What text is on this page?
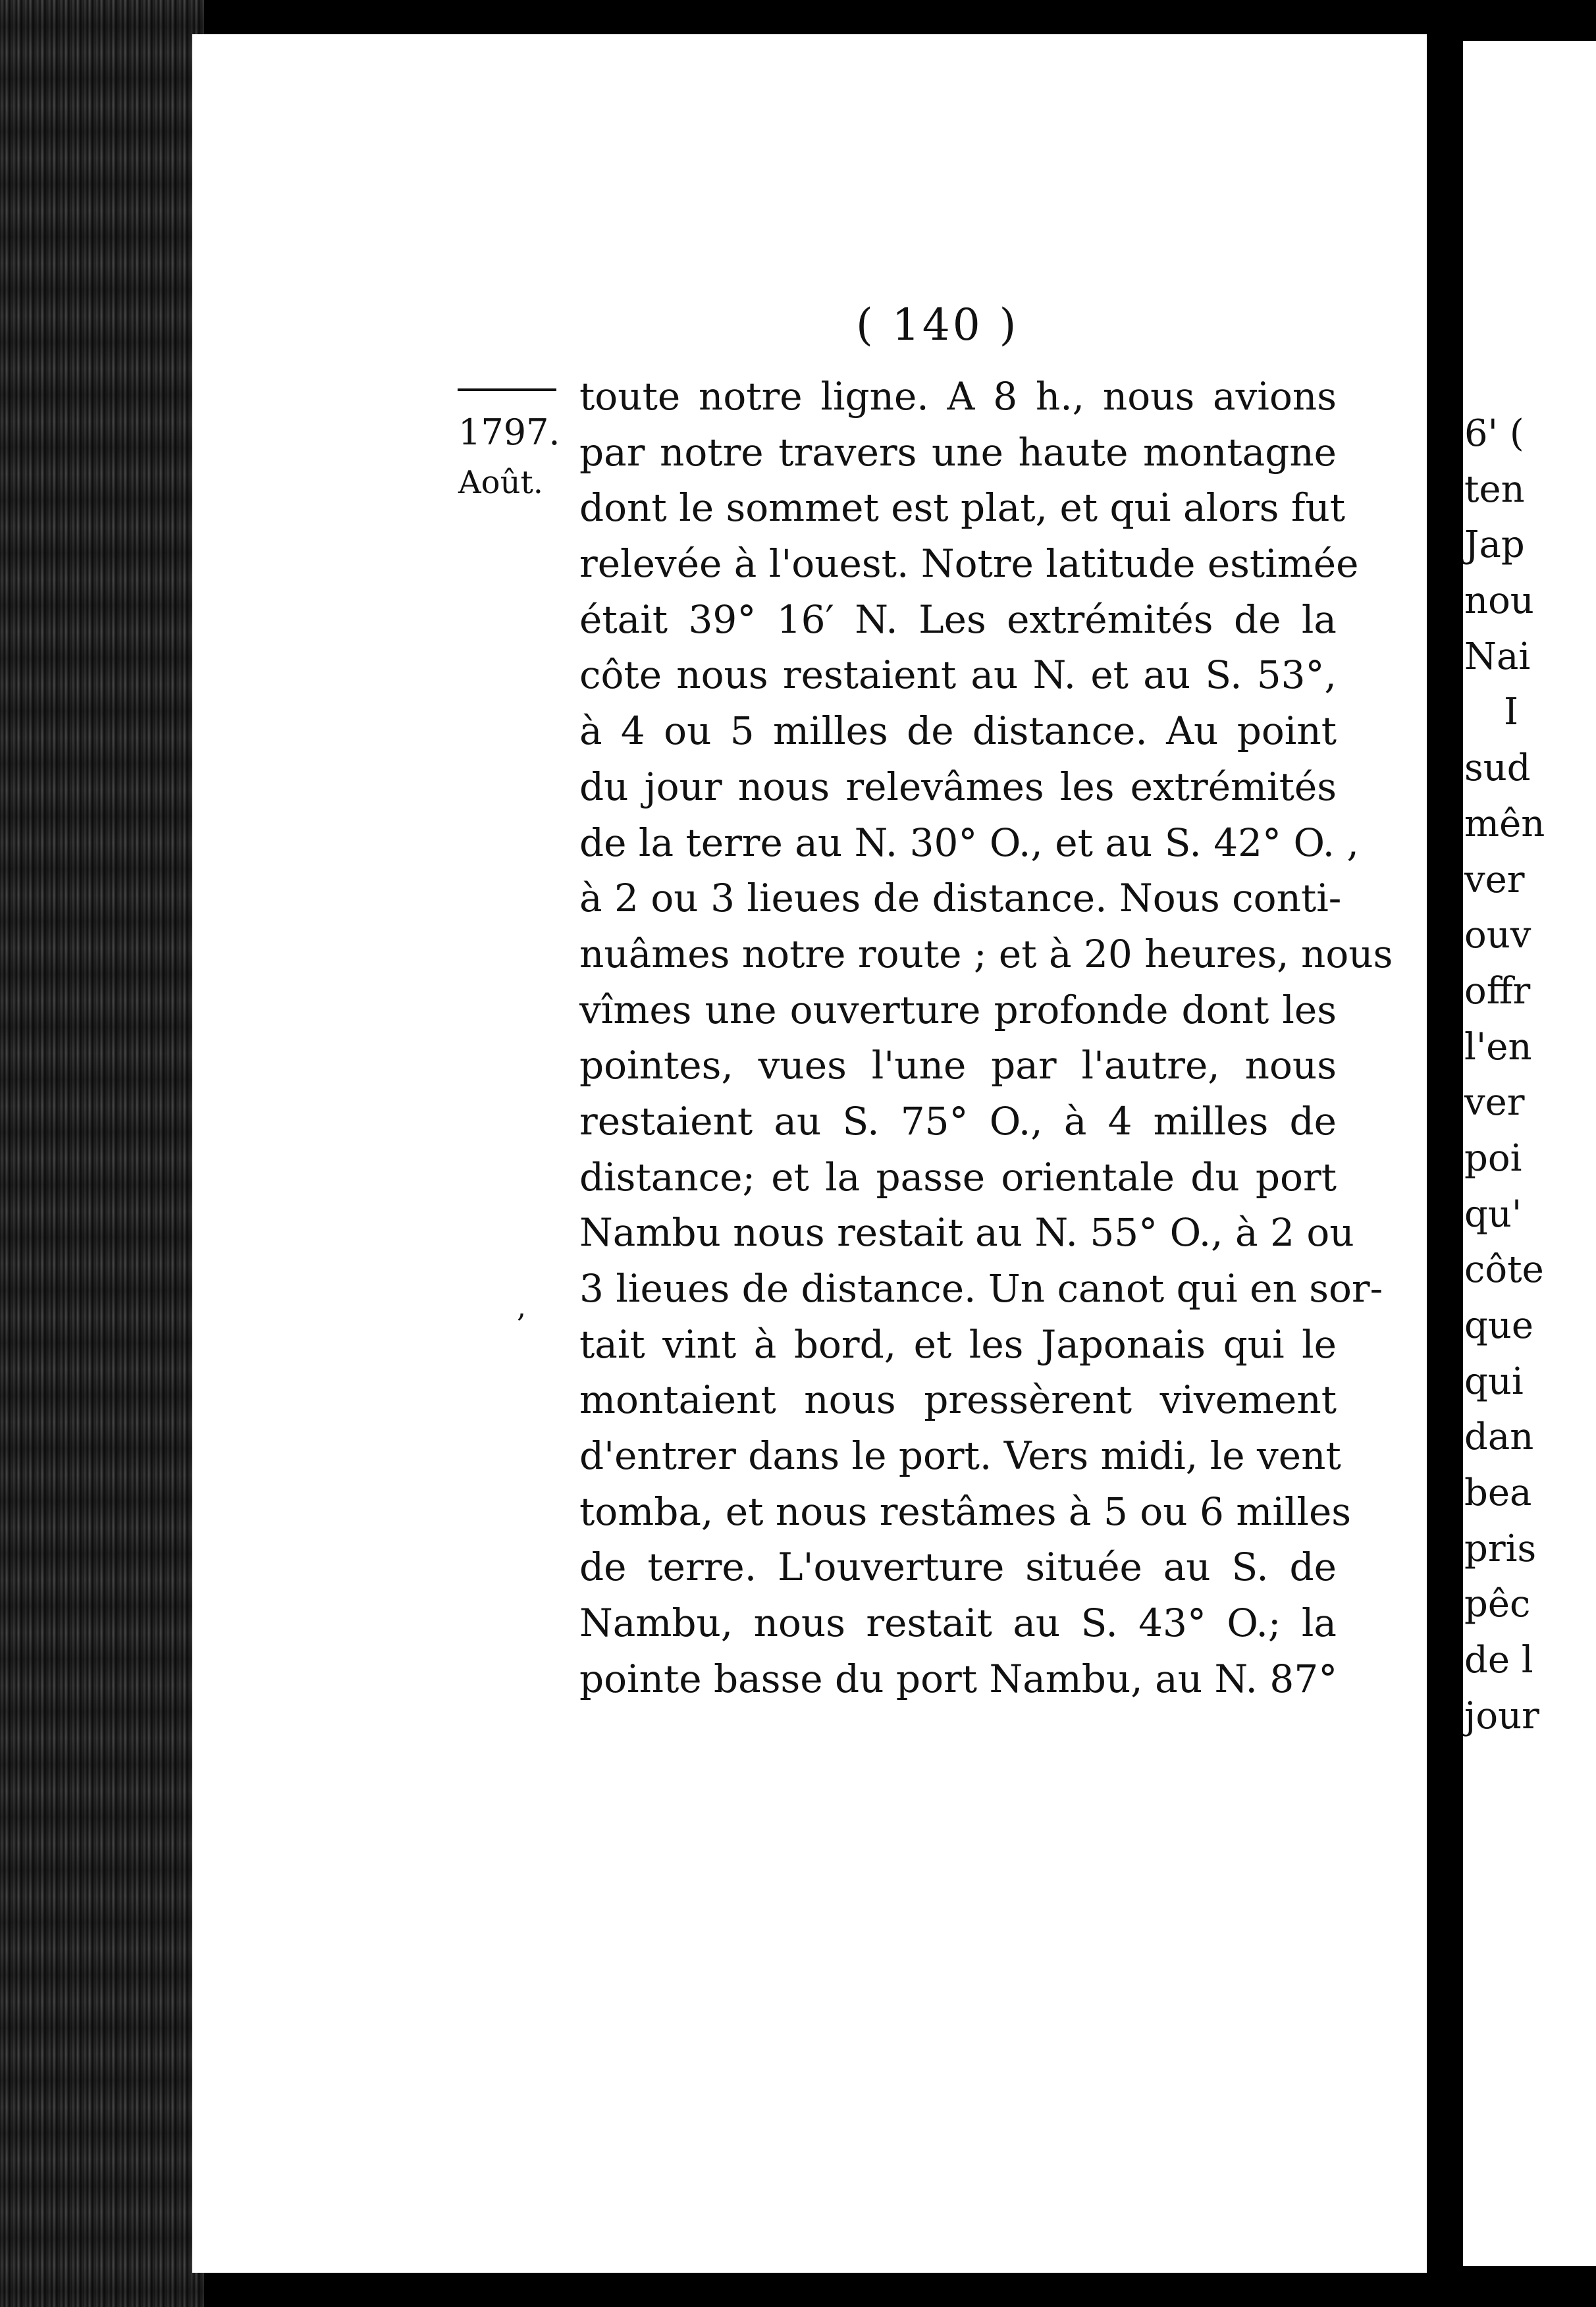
( 140 )
1797.
Août.
,
toute notre ligne. A 8 h., nous avions
par notre travers une haute montagne
dont le sommet est plat, et qui alors fut
relevée à l'ouest. Notre latitude estimée
était 39° 16′ N. Les extrémités de la
côte nous restaient au N. et au S. 53°,
à 4 ou 5 milles de distance. Au point
du jour nous relevâmes les extrémités
de la terre au N. 30° O., et au S. 42° O. ,
à 2 ou 3 lieues de distance. Nous conti-
nuâmes notre route ; et à 20 heures, nous
vîmes une ouverture profonde dont les
pointes, vues l'une par l'autre, nous
restaient au S. 75° O., à 4 milles de
distance; et la passe orientale du port
Nambu nous restait au N. 55° O., à 2 ou
3 lieues de distance. Un canot qui en sor-
tait vint à bord, et les Japonais qui le
montaient nous pressèrent vivement
d'entrer dans le port. Vers midi, le vent
tomba, et nous restâmes à 5 ou 6 milles
de terre. L'ouverture située au S. de
Nambu, nous restait au S. 43° O.; la
pointe basse du port Nambu, au N. 87°
6' (
ten
Jap
nou
Nai
I
sud
mên
ver
ouv
offr
l'en
ver
poi
qu'
côte
que
qui
dan
bea
pris
pêc
de l
jour
